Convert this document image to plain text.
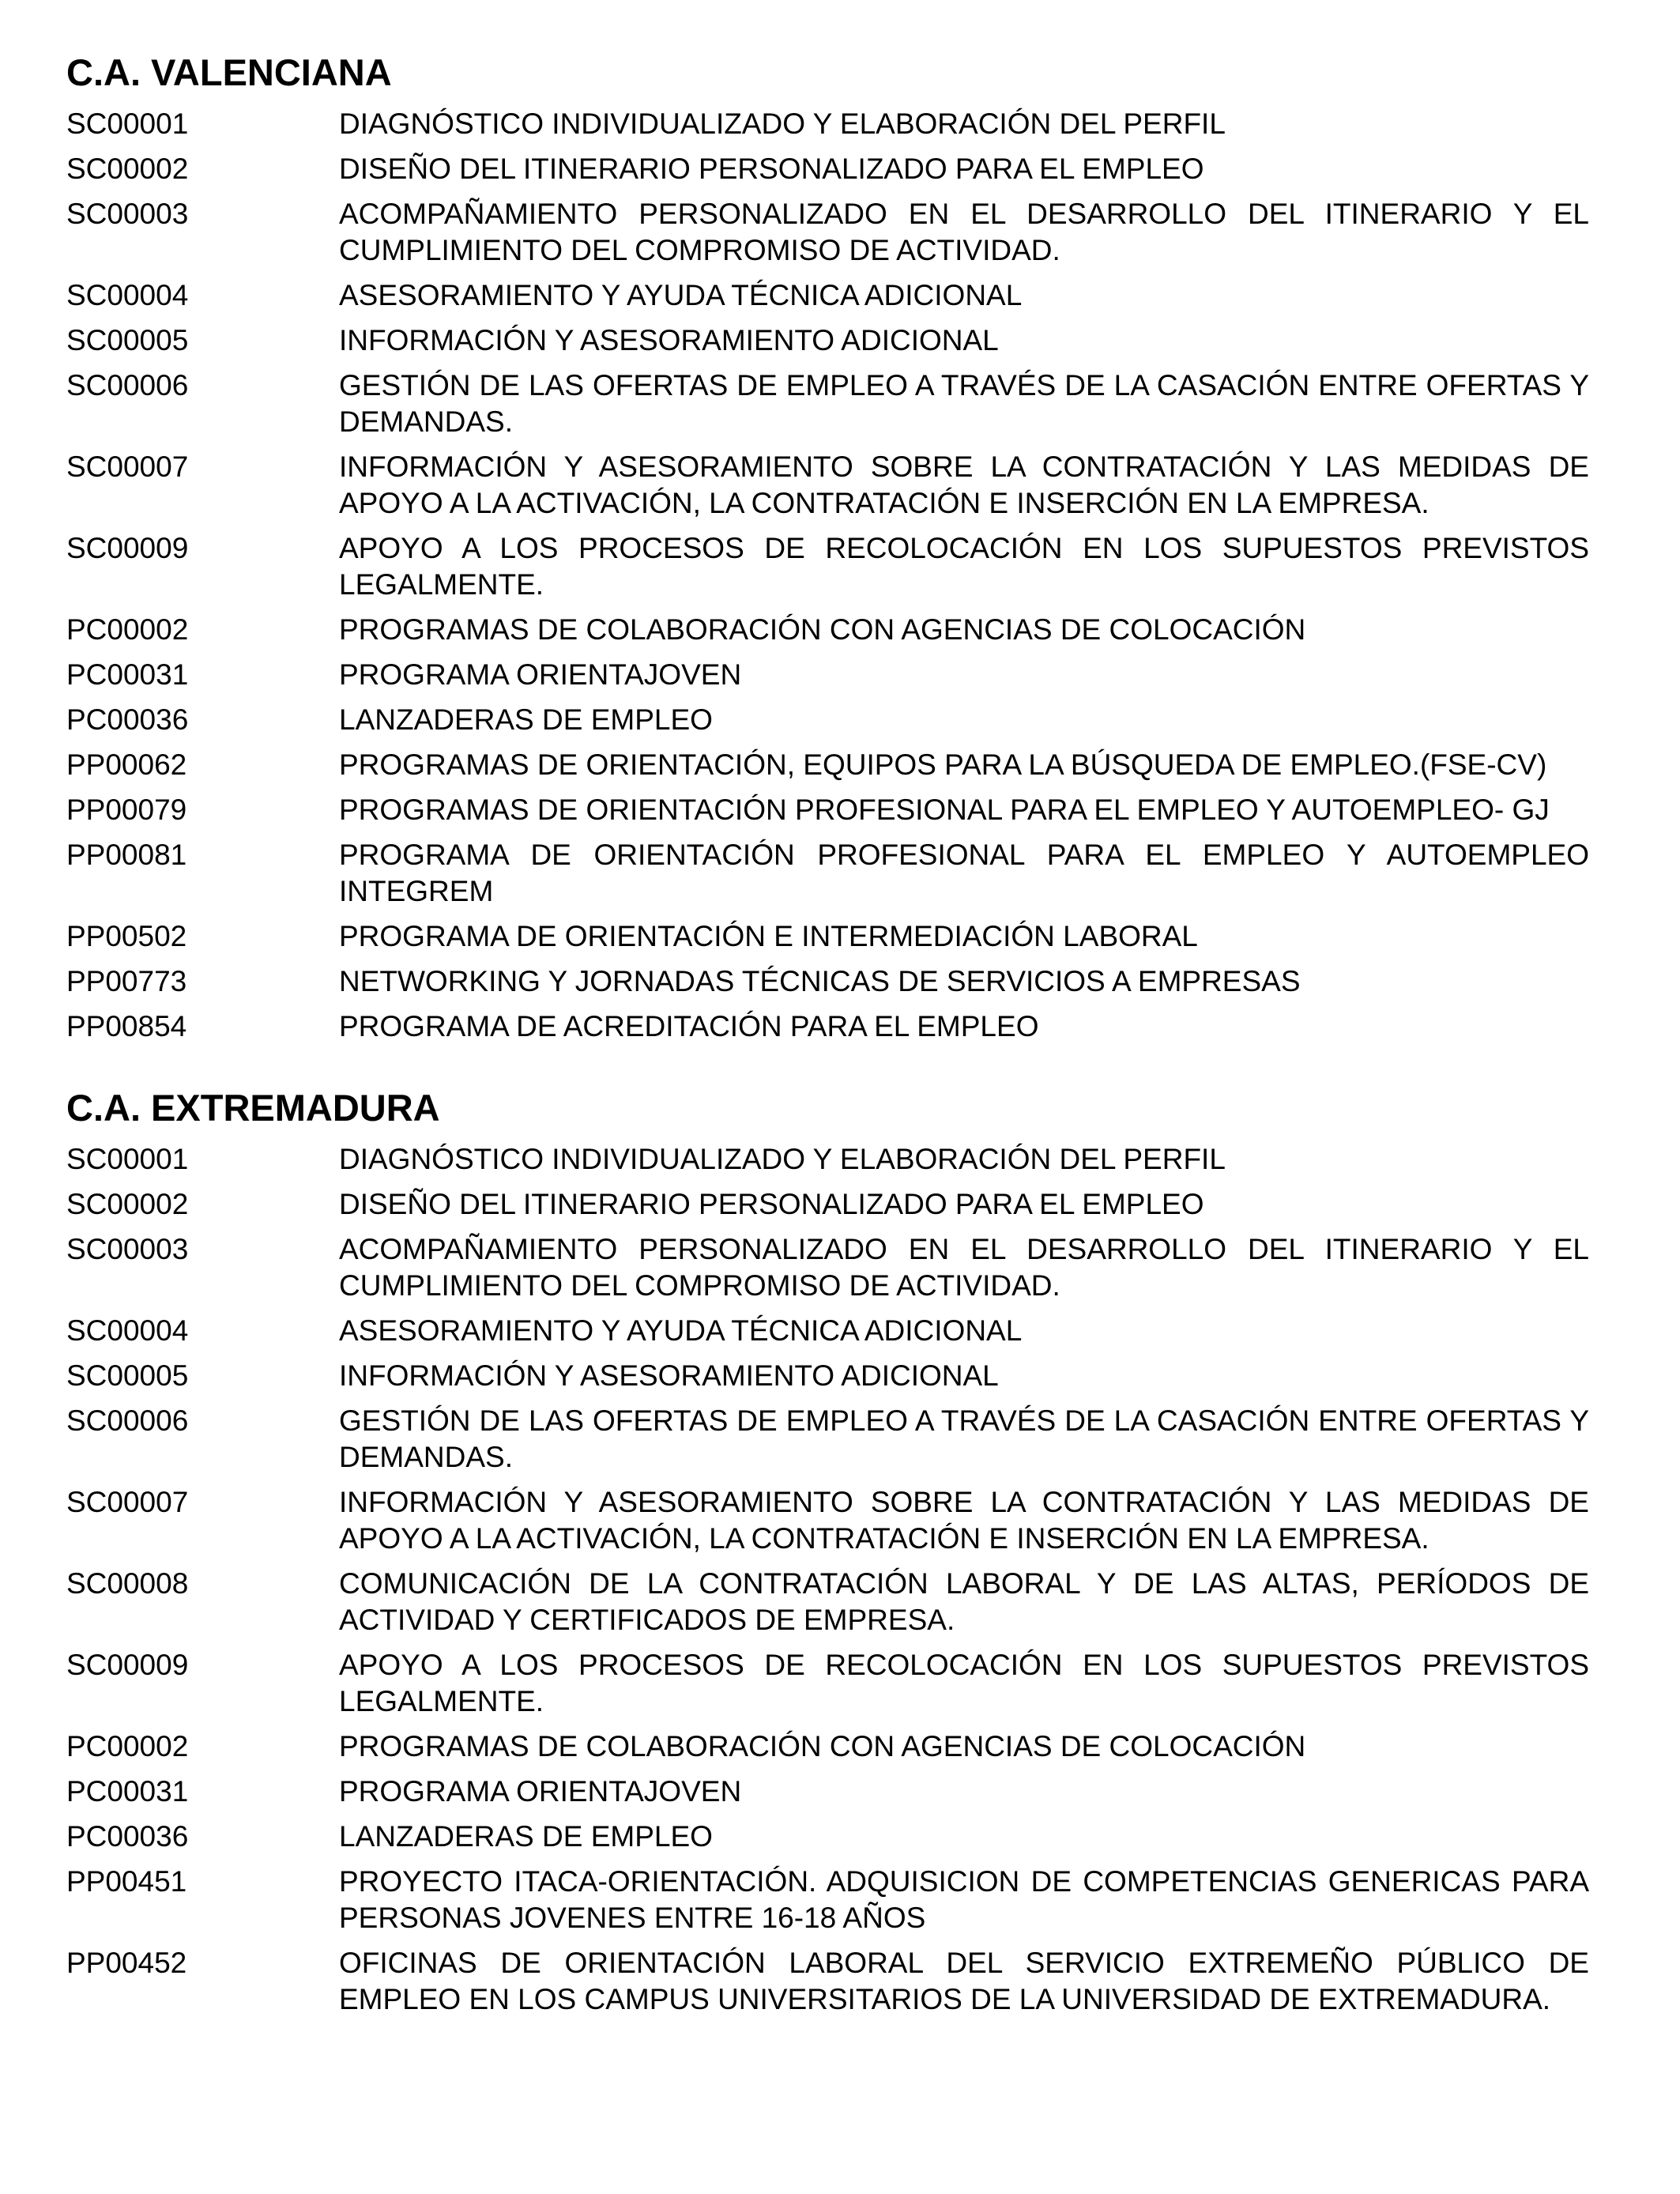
C.A. VALENCIANA
SC00001	DIAGNÓSTICO INDIVIDUALIZADO Y ELABORACIÓN DEL PERFIL
SC00002	DISEÑO DEL ITINERARIO PERSONALIZADO PARA EL EMPLEO
SC00003	ACOMPAÑAMIENTO PERSONALIZADO EN EL DESARROLLO DEL ITINERARIO Y EL CUMPLIMIENTO DEL COMPROMISO DE ACTIVIDAD.
SC00004	ASESORAMIENTO Y AYUDA TÉCNICA ADICIONAL
SC00005	INFORMACIÓN Y ASESORAMIENTO ADICIONAL
SC00006	GESTIÓN DE LAS OFERTAS DE EMPLEO A TRAVÉS DE LA CASACIÓN ENTRE OFERTAS Y DEMANDAS.
SC00007	INFORMACIÓN Y ASESORAMIENTO SOBRE LA CONTRATACIÓN Y LAS MEDIDAS DE APOYO A LA ACTIVACIÓN, LA CONTRATACIÓN E INSERCIÓN EN LA EMPRESA.
SC00009	APOYO A LOS PROCESOS DE RECOLOCACIÓN EN LOS SUPUESTOS PREVISTOS LEGALMENTE.
PC00002	PROGRAMAS DE COLABORACIÓN CON AGENCIAS DE COLOCACIÓN
PC00031	PROGRAMA ORIENTAJOVEN
PC00036	LANZADERAS DE EMPLEO
PP00062	PROGRAMAS DE ORIENTACIÓN, EQUIPOS PARA LA BÚSQUEDA DE EMPLEO.(FSE-CV)
PP00079	PROGRAMAS DE ORIENTACIÓN PROFESIONAL PARA EL EMPLEO Y AUTOEMPLEO- GJ
PP00081	PROGRAMA DE ORIENTACIÓN PROFESIONAL PARA EL EMPLEO Y AUTOEMPLEO INTEGREM
PP00502	PROGRAMA DE ORIENTACIÓN E INTERMEDIACIÓN LABORAL
PP00773	NETWORKING Y JORNADAS TÉCNICAS DE SERVICIOS A EMPRESAS
PP00854	PROGRAMA DE ACREDITACIÓN PARA EL EMPLEO
C.A. EXTREMADURA
SC00001	DIAGNÓSTICO INDIVIDUALIZADO Y ELABORACIÓN DEL PERFIL
SC00002	DISEÑO DEL ITINERARIO PERSONALIZADO PARA EL EMPLEO
SC00003	ACOMPAÑAMIENTO PERSONALIZADO EN EL DESARROLLO DEL ITINERARIO Y EL CUMPLIMIENTO DEL COMPROMISO DE ACTIVIDAD.
SC00004	ASESORAMIENTO Y AYUDA TÉCNICA ADICIONAL
SC00005	INFORMACIÓN Y ASESORAMIENTO ADICIONAL
SC00006	GESTIÓN DE LAS OFERTAS DE EMPLEO A TRAVÉS DE LA CASACIÓN ENTRE OFERTAS Y DEMANDAS.
SC00007	INFORMACIÓN Y ASESORAMIENTO SOBRE LA CONTRATACIÓN Y LAS MEDIDAS DE APOYO A LA ACTIVACIÓN, LA CONTRATACIÓN E INSERCIÓN EN LA EMPRESA.
SC00008	COMUNICACIÓN DE LA CONTRATACIÓN LABORAL Y DE LAS ALTAS, PERÍODOS DE ACTIVIDAD Y CERTIFICADOS DE EMPRESA.
SC00009	APOYO A LOS PROCESOS DE RECOLOCACIÓN EN LOS SUPUESTOS PREVISTOS LEGALMENTE.
PC00002	PROGRAMAS DE COLABORACIÓN CON AGENCIAS DE COLOCACIÓN
PC00031	PROGRAMA ORIENTAJOVEN
PC00036	LANZADERAS DE EMPLEO
PP00451	PROYECTO ITACA-ORIENTACIÓN. ADQUISICION DE COMPETENCIAS GENERICAS PARA PERSONAS JOVENES ENTRE 16-18 AÑOS
PP00452	OFICINAS DE ORIENTACIÓN LABORAL DEL SERVICIO EXTREMEÑO PÚBLICO DE EMPLEO EN LOS CAMPUS UNIVERSITARIOS DE LA UNIVERSIDAD DE EXTREMADURA.
